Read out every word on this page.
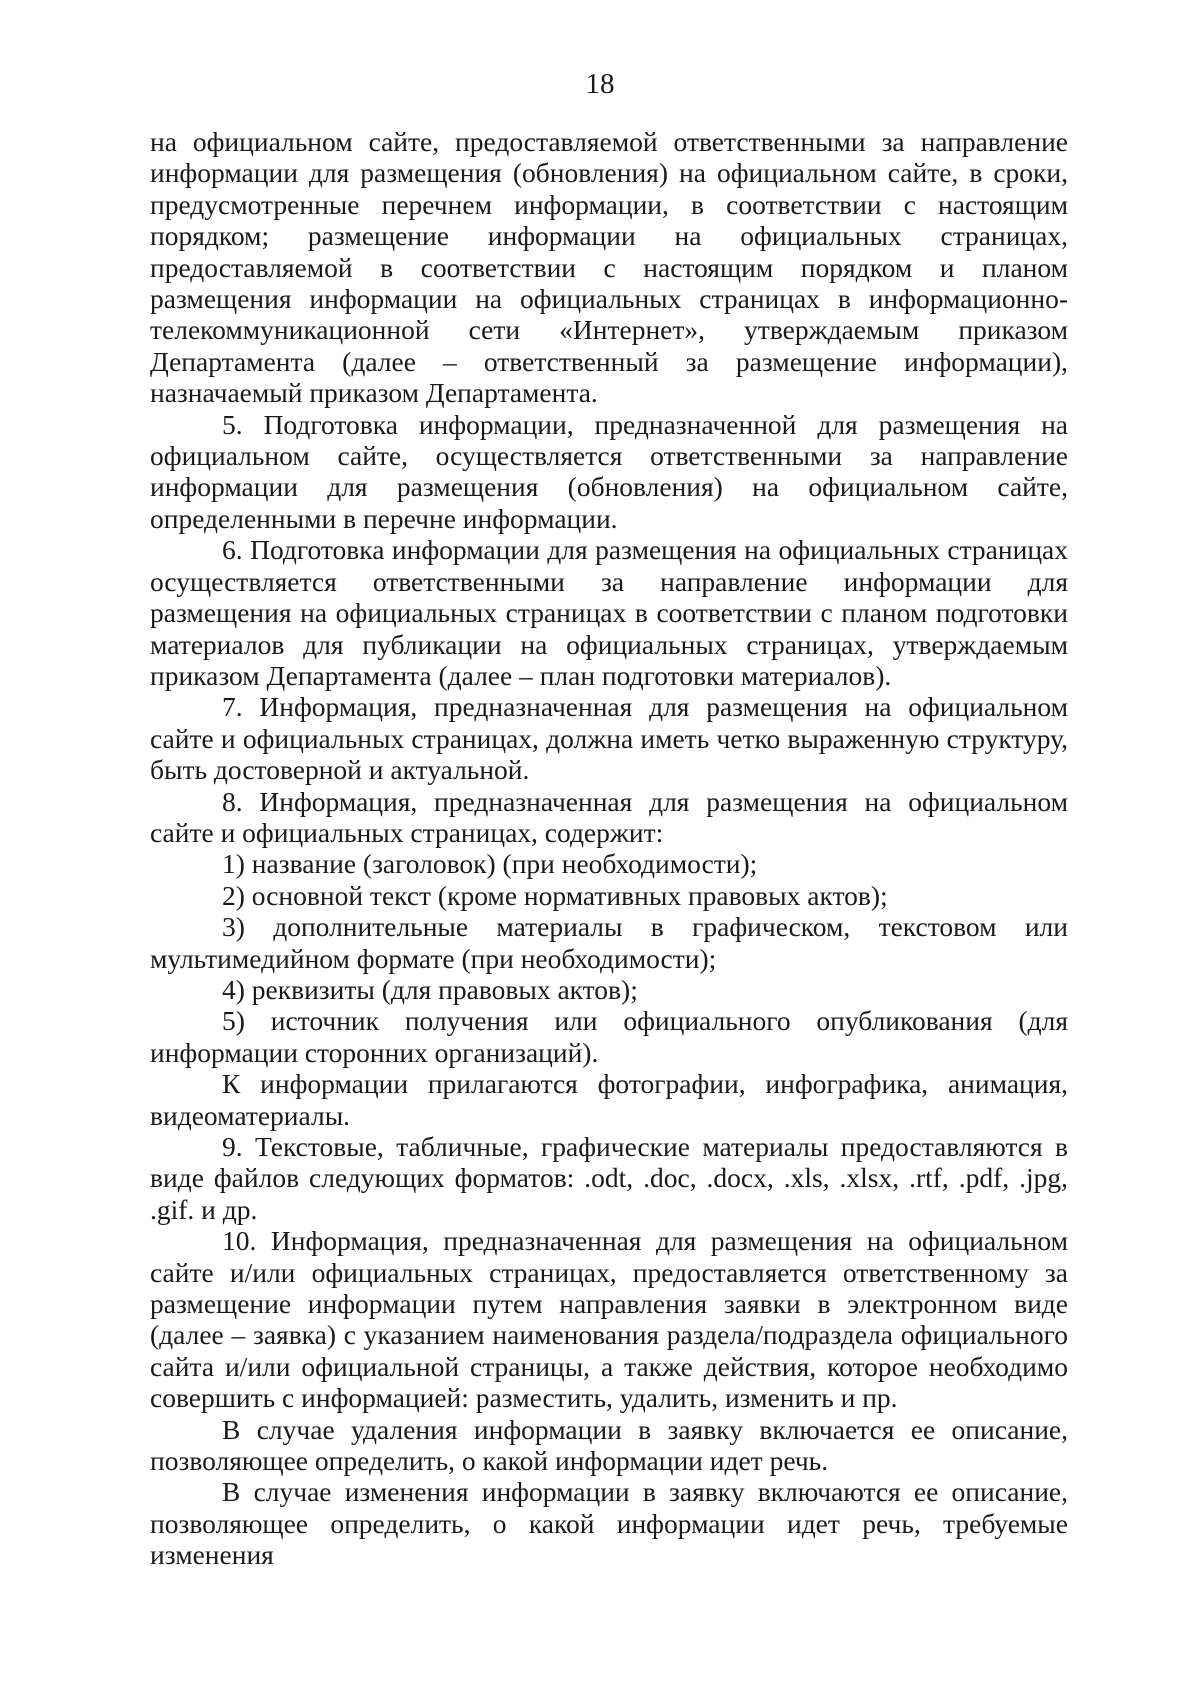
18

на официальном сайте, предоставляемой ответственными за направление информации для размещения (обновления) на официальном сайте, в сроки, предусмотренные перечнем информации, в соответствии с настоящим порядком; размещение информации на официальных страницах, предоставляемой в соответствии с настоящим порядком и планом размещения информации на официальных страницах в информационно-телекоммуникационной сети «Интернет», утверждаемым приказом Департамента (далее – ответственный за размещение информации), назначаемый приказом Департамента.

5. Подготовка информации, предназначенной для размещения на официальном сайте, осуществляется ответственными за направление информации для размещения (обновления) на официальном сайте, определенными в перечне информации.

6. Подготовка информации для размещения на официальных страницах осуществляется ответственными за направление информации для размещения на официальных страницах в соответствии с планом подготовки материалов для публикации на официальных страницах, утверждаемым приказом Департамента (далее – план подготовки материалов).

7. Информация, предназначенная для размещения на официальном сайте и официальных страницах, должна иметь четко выраженную структуру, быть достоверной и актуальной.

8. Информация, предназначенная для размещения на официальном сайте и официальных страницах, содержит:

1) название (заголовок) (при необходимости);

2) основной текст (кроме нормативных правовых актов);

3) дополнительные материалы в графическом, текстовом или мультимедийном формате (при необходимости);

4) реквизиты (для правовых актов);

5) источник получения или официального опубликования (для информации сторонних организаций).

К информации прилагаются фотографии, инфографика, анимация, видеоматериалы.

9. Текстовые, табличные, графические материалы предоставляются в виде файлов следующих форматов: .odt, .doc, .docx, .xls, .xlsx, .rtf, .pdf, .jpg, .gif. и др.

10. Информация, предназначенная для размещения на официальном сайте и/или официальных страницах, предоставляется ответственному за размещение информации путем направления заявки в электронном виде (далее – заявка) с указанием наименования раздела/подраздела официального сайта и/или официальной страницы, а также действия, которое необходимо совершить с информацией: разместить, удалить, изменить и пр.

В случае удаления информации в заявку включается ее описание, позволяющее определить, о какой информации идет речь.

В случае изменения информации в заявку включаются ее описание, позволяющее определить, о какой информации идет речь, требуемые изменения
